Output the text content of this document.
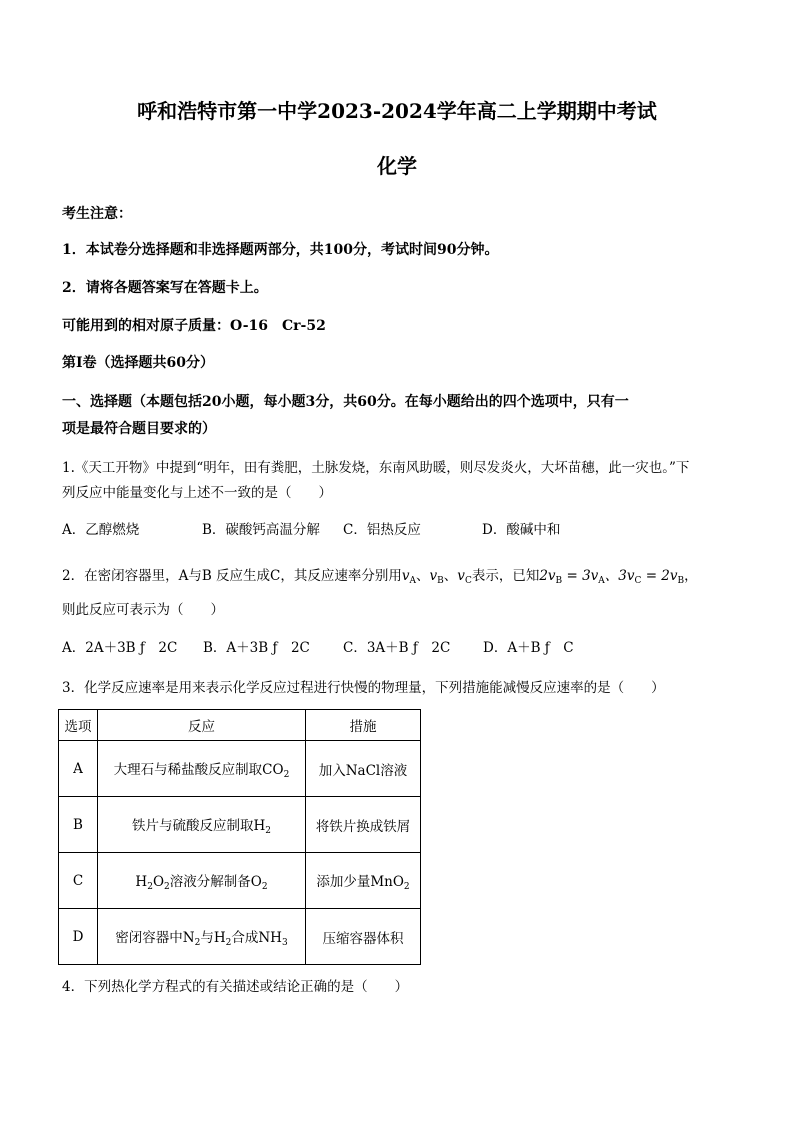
呼和浩特市第一中学2023-2024学年高二上学期期中考试
化学
考生注意：
1．本试卷分选择题和非选择题两部分，共100分，考试时间90分钟。
2．请将各题答案写在答题卡上。
可能用到的相对原子质量：O-16　Cr-52
第Ⅰ卷（选择题共60分）
一、选择题（本题包括20小题，每小题3分，共60分。在每小题给出的四个选项中，只有一
项是最符合题目要求的）
1.《天工开物》中提到“明年，田有粪肥，土脉发烧，东南风助暖，则尽发炎火，大坏苗穗，此一灾也。”下
列反应中能量变化与上述不一致的是（　　）
A．乙醇燃烧	B．碳酸钙高温分解 C．铝热反应	D．酸碱中和
2．在密闭容器里，A与B 反应生成C，其反应速率分别用$v_A$、$v_B$、$v_C$表示，已知$2v_B = 3v_A$、$3v_C = 2v_B$，
则此反应可表示为（　　）
A．2A＋3B ƒ　2C B．A＋3B ƒ　2C C．3A＋B ƒ　2C D．A＋B ƒ　C
3．化学反应速率是用来表示化学反应过程进行快慢的物理量，下列措施能减慢反应速率的是（　　）
选项	反应	措施
A	大理石与稀盐酸反应制取$CO_2$	加入NaCl溶液
B	铁片与硫酸反应制取$H_2$	将铁片换成铁屑
C	$H_2O_2$溶液分解制备$O_2$	添加少量MnO$_2$
D	密闭容器中$N_2$与$H_2$合成$NH_3$	压缩容器体积
4．下列热化学方程式的有关描述或结论正确的是（　　）
